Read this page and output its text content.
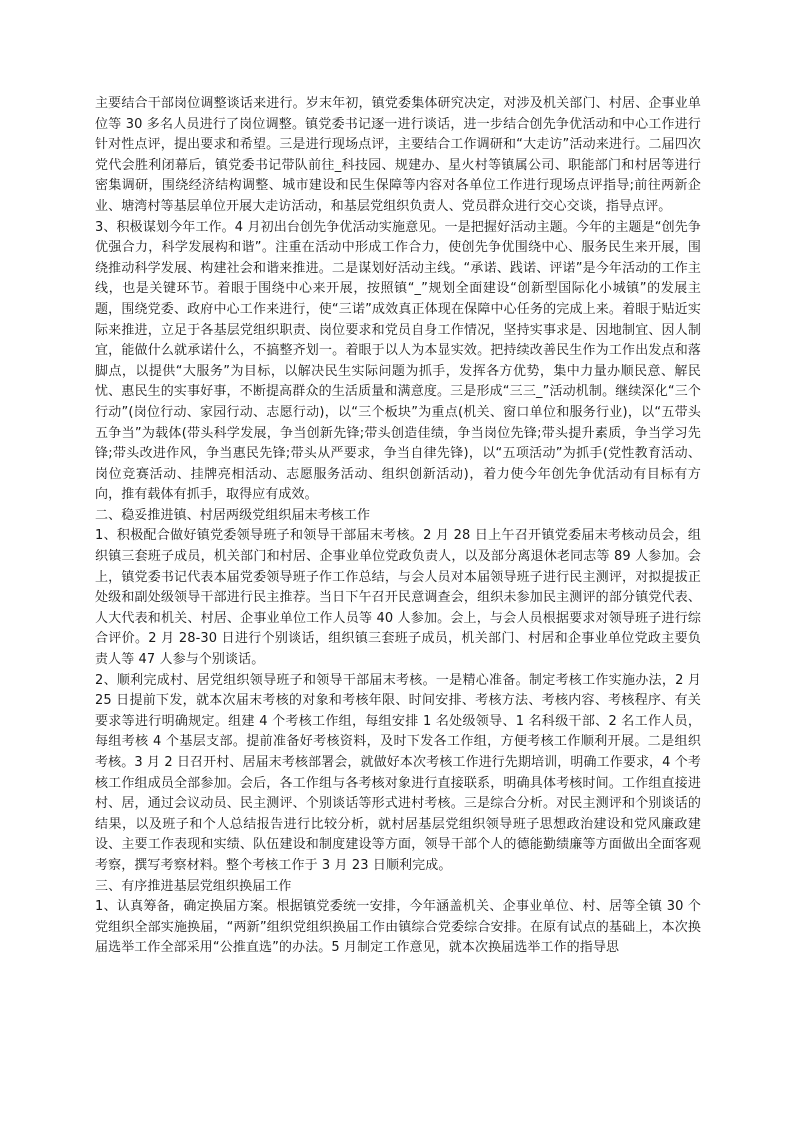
主要结合干部岗位调整谈话来进行。岁末年初，镇党委集体研究决定，对涉及机关部门、村居、企事业单位等 30 多名人员进行了岗位调整。镇党委书记逐一进行谈话，进一步结合创先争优活动和中心工作进行针对性点评，提出要求和希望。三是进行现场点评，主要结合工作调研和“大走访”活动来进行。二届四次党代会胜利闭幕后，镇党委书记带队前往_科技园、规建办、星火村等镇属公司、职能部门和村居等进行密集调研，围绕经济结构调整、城市建设和民生保障等内容对各单位工作进行现场点评指导;前往两新企业、塘湾村等基层单位开展大走访活动，和基层党组织负责人、党员群众进行交心交谈，指导点评。

3、积极谋划今年工作。4 月初出台创先争优活动实施意见。一是把握好活动主题。今年的主题是“创先争优强合力，科学发展构和谐”。注重在活动中形成工作合力，使创先争优围绕中心、服务民生来开展，围绕推动科学发展、构建社会和谐来推进。二是谋划好活动主线。“承诺、践诺、评诺”是今年活动的工作主线，也是关键环节。着眼于围绕中心来开展，按照镇“_”规划全面建设“创新型国际化小城镇”的发展主题，围绕党委、政府中心工作来进行，使“三诺”成效真正体现在保障中心任务的完成上来。着眼于贴近实际来推进，立足于各基层党组织职责、岗位要求和党员自身工作情况，坚持实事求是、因地制宜、因人制宜，能做什么就承诺什么，不搞整齐划一。着眼于以人为本显实效。把持续改善民生作为工作出发点和落脚点，以提供“大服务”为目标，以解决民生实际问题为抓手，发挥各方优势，集中力量办顺民意、解民忧、惠民生的实事好事，不断提高群众的生活质量和满意度。三是形成“三三_”活动机制。继续深化“三个行动”(岗位行动、家园行动、志愿行动)，以“三个板块”为重点(机关、窗口单位和服务行业)，以“五带头五争当”为载体(带头科学发展，争当创新先锋;带头创造佳绩，争当岗位先锋;带头提升素质，争当学习先锋;带头改进作风，争当惠民先锋;带头从严要求，争当自律先锋)，以“五项活动”为抓手(党性教育活动、岗位竞赛活动、挂牌亮相活动、志愿服务活动、组织创新活动)，着力使今年创先争优活动有目标有方向，推有载体有抓手，取得应有成效。

二、稳妥推进镇、村居两级党组织届末考核工作

1、积极配合做好镇党委领导班子和领导干部届末考核。2 月 28 日上午召开镇党委届末考核动员会，组织镇三套班子成员，机关部门和村居、企事业单位党政负责人，以及部分离退休老同志等 89 人参加。会上，镇党委书记代表本届党委领导班子作工作总结，与会人员对本届领导班子进行民主测评，对拟提拔正处级和副处级领导干部进行民主推荐。当日下午召开民意调查会，组织未参加民主测评的部分镇党代表、人大代表和机关、村居、企事业单位工作人员等 40 人参加。会上，与会人员根据要求对领导班子进行综合评价。2 月 28-30 日进行个别谈话，组织镇三套班子成员，机关部门、村居和企事业单位党政主要负责人等 47 人参与个别谈话。

2、顺利完成村、居党组织领导班子和领导干部届末考核。一是精心准备。制定考核工作实施办法，2 月 25 日提前下发，就本次届末考核的对象和考核年限、时间安排、考核方法、考核内容、考核程序、有关要求等进行明确规定。组建 4 个考核工作组，每组安排 1 名处级领导、1 名科级干部、2 名工作人员，每组考核 4 个基层支部。提前准备好考核资料，及时下发各工作组，方便考核工作顺利开展。二是组织考核。3 月 2 日召开村、居届末考核部署会，就做好本次考核工作进行先期培训，明确工作要求，4 个考核工作组成员全部参加。会后，各工作组与各考核对象进行直接联系，明确具体考核时间。工作组直接进村、居，通过会议动员、民主测评、个别谈话等形式进村考核。三是综合分析。对民主测评和个别谈话的结果，以及班子和个人总结报告进行比较分析，就村居基层党组织领导班子思想政治建设和党风廉政建设、主要工作表现和实绩、队伍建设和制度建设等方面，领导干部个人的德能勤绩廉等方面做出全面客观考察，撰写考察材料。整个考核工作于 3 月 23 日顺利完成。

三、有序推进基层党组织换届工作

1、认真筹备，确定换届方案。根据镇党委统一安排，今年涵盖机关、企事业单位、村、居等全镇 30 个党组织全部实施换届，“两新”组织党组织换届工作由镇综合党委综合安排。在原有试点的基础上，本次换届选举工作全部采用“公推直选”的办法。5 月制定工作意见，就本次换届选举工作的指导思
